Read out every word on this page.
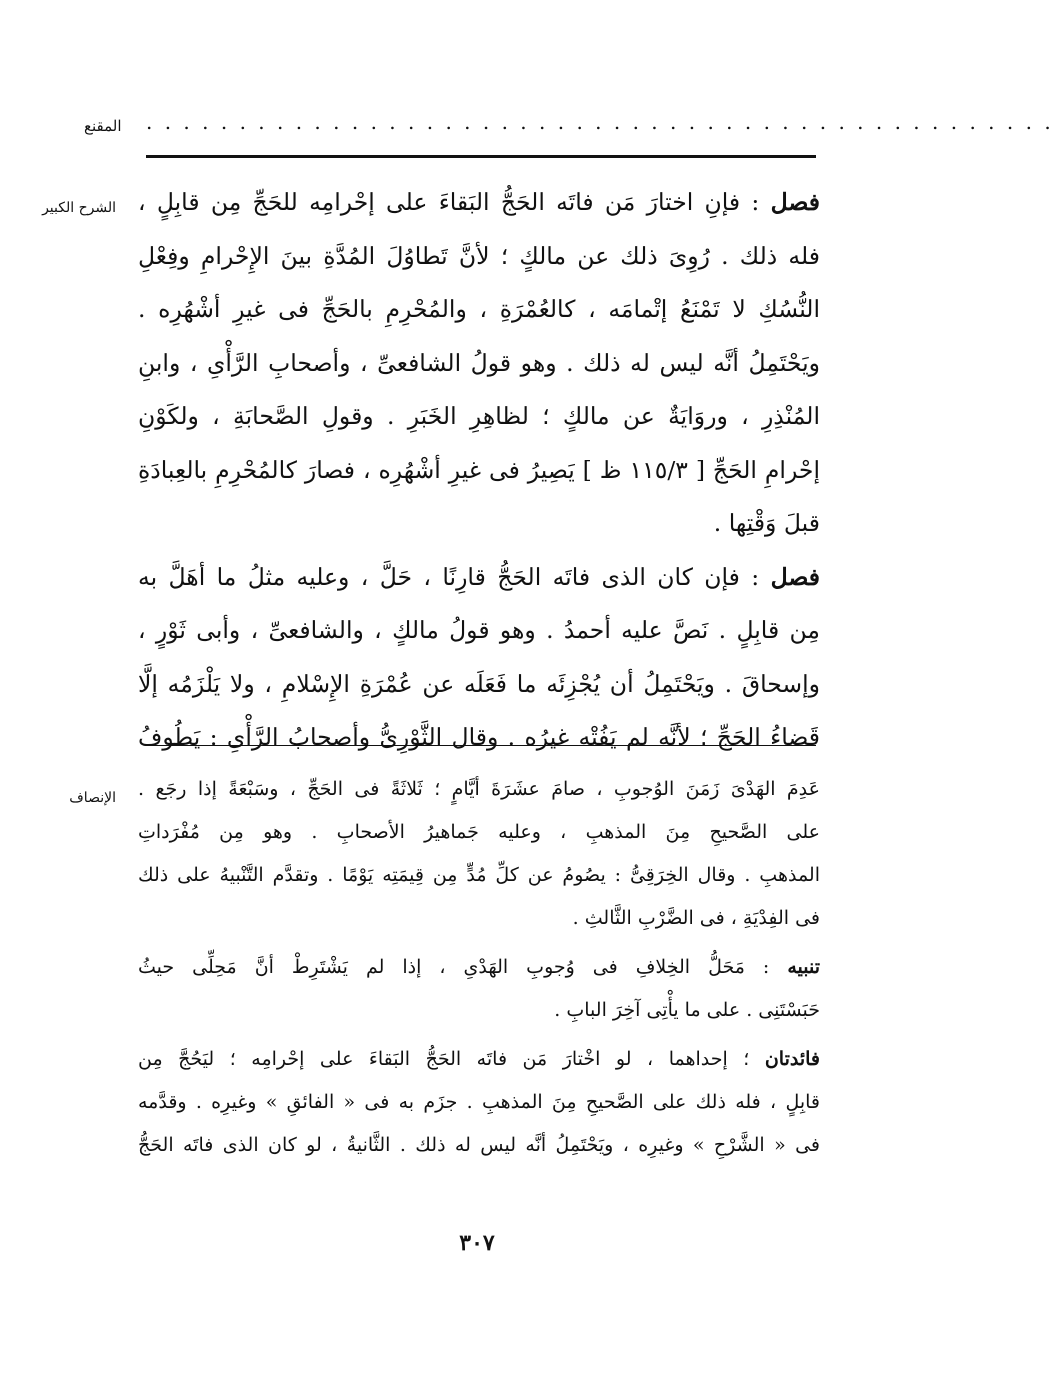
المقنع . . . . . . . . . . . . . . . . . . . . . . . . . . . . . . . . . . . . . . . . . . . . . . . . .
الشرح الكبير	فصل : فإنِ اختارَ مَن فاتَه الحَجُّ البَقاءَ على إحْرامِه للحَجِّ مِن قابِلٍ ،
فله ذلك . رُوِىَ ذلك عن مالكٍ ؛ لأنَّ تَطاوُلَ المُدَّةِ بينَ الإِحْرامِ وفِعْلِ
النُّسُكِ لا تَمْنَعُ إتْمامَه ، كالعُمْرَةِ ، والمُحْرِمِ بالحَجِّ فى غيرِ أشْهُرِه .
ويَحْتَمِلُ أنَّه ليس له ذلك . وهو قولُ الشافعىِّ ، وأصحابِ الرَّأْىِ ، وابنِ
المُنْذِرِ ، وروَايَةٌ عن مالكٍ ؛ لظاهِرِ الخَبَرِ . وقولِ الصَّحابَةِ ، ولكَوْنِ
إحْرامِ الحَجِّ [ ١١٥/٣ ظ ] يَصِيرُ فى غيرِ أشْهُرِه ، فصارَ كالمُحْرِمِ بالعِبادَةِ
قبلَ وَقْتِها .
فصل : فإن كان الذى فاتَه الحَجُّ قارِنًا ، حَلَّ ، وعليه مثلُ ما أهَلَّ به
مِن قابِلٍ . نَصَّ عليه أحمدُ . وهو قولُ مالكٍ ، والشافعىِّ ، وأبى ثَوْرٍ ،
وإسحاقَ . ويَحْتَمِلُ أن يُجْزِئَه ما فَعَلَه عن عُمْرَةِ الإِسْلامِ ، ولا يَلْزَمُه إلَّا
قَضاءُ الحَجِّ ؛ لأنَّه لم يَفُتْه غيرُه . وقال الثَّوْرِىُّ وأصحابُ الرَّأْىِ : يَطُوفُ
الإنصاف عَدِمَ الهَدْىَ زَمَنَ الوُجوبِ ، صامَ عشَرَةَ أيَّامٍ ؛ ثَلاثَةً فى الحَجِّ ، وسَبْعَةً إذا رجَع .
على الصَّحيحِ مِنَ المذهبِ ، وعليه جَماهيرُ الأصحابِ . وهو مِن مُفْرَداتِ
المذهبِ . وقال الخِرَقِىُّ : يصُومُ عن كلِّ مُدٍّ مِن قِيمَتِه يَوْمًا . وتقدَّم التَّنْبيهُ على ذلك
فى الفِدْيَةِ ، فى الضَّرْبِ الثَّالثِ .
تنبيه : مَحَلُّ الخِلافِ فى وُجوبِ الهَدْىِ ، إذا لم يَشْتَرِطْ أنَّ مَحِلِّى حيثُ
حَبَسْتَنِى . على ما يأْتِى آخِرَ البابِ .
فائدتان ؛ إحداهما ، لو اخْتارَ مَن فاتَه الحَجُّ البَقاءَ على إحْرامِه ؛ ليَحُجَّ مِن
قابِلٍ ، فله ذلك على الصَّحيحِ مِنَ المذهبِ . جزَم به فى « الفائقِ » وغيرِه . وقدَّمه
فى « الشَّرْحِ » وغيرِه ، ويَحْتَمِلُ أنَّه ليس له ذلك . الثَّانيةُ ، لو كان الذى فاتَه الحَجُّ
٣٠٧
